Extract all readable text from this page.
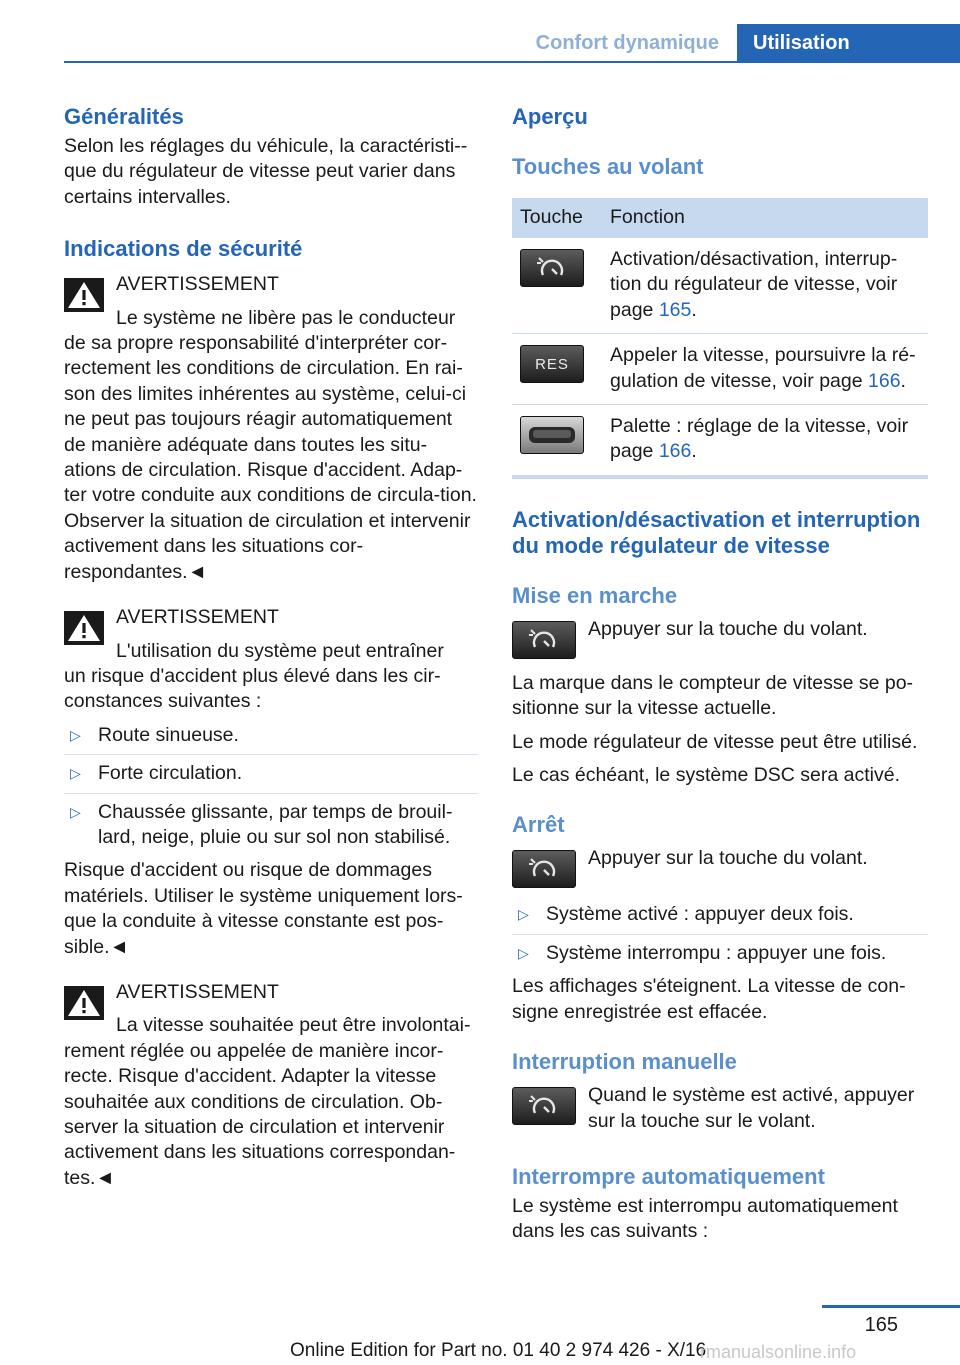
Confort dynamique	Utilisation
Généralités

Selon les réglages du véhicule, la caractéristi-que du régulateur de vitesse peut varier dans certains intervalles.

Indications de sécurité
AVERTISSEMENT
Le système ne libère pas le conducteur

de sa propre responsabilité d'interpréter cor-rectement les conditions de circulation. En rai-son des limites inhérentes au système, celui-ci ne peut pas toujours réagir automatiquement de manière adéquate dans toutes les situ-ations de circulation. Risque d'accident. Adap-ter votre conduite aux conditions de circula-tion. Observer la situation de circulation et intervenir activement dans les situations cor-respondantes.◄

AVERTISSEMENT
L'utilisation du système peut entraîner

un risque d'accident plus élevé dans les cir-constances suivantes :

▷ Route sinueuse.
▷ Forte circulation.
▷ Chaussée glissante, par temps de brouil-lard, neige, pluie ou sur sol non stabilisé.

Risque d'accident ou risque de dommages matériels. Utiliser le système uniquement lors-que la conduite à vitesse constante est pos-sible.◄

AVERTISSEMENT
La vitesse souhaitée peut être involontai-

rement réglée ou appelée de manière incor-recte. Risque d'accident. Adapter la vitesse souhaitée aux conditions de circulation. Ob-server la situation de circulation et intervenir activement dans les situations correspondan-tes.◄

Aperçu
Touches au volant
Touche	Fonction

	Activation/désactivation, interrup-tion du régulateur de vitesse, voir page 165.

RES	Appeler la vitesse, poursuivre la ré-gulation de vitesse, voir page 166.

	Palette : réglage de la vitesse, voir page 166.
Activation/désactivation et interruption du mode régulateur de vitesse
Mise en marche
Appuyer sur la touche du volant.

La marque dans le compteur de vitesse se po-sitionne sur la vitesse actuelle.

Le mode régulateur de vitesse peut être utilisé.

Le cas échéant, le système DSC sera activé.

Arrêt
Appuyer sur la touche du volant.
▷ Système activé : appuyer deux fois.
▷ Système interrompu : appuyer une fois.

Les affichages s'éteignent. La vitesse de con-signe enregistrée est effacée.

Interruption manuelle
Quand le système est activé, appuyer sur la touche sur le volant.
Interrompre automatiquement

Le système est interrompu automatiquement dans les cas suivants :

165
Online Edition for Part no. 01 40 2 974 426 - X/16
rmanualsonline.info
